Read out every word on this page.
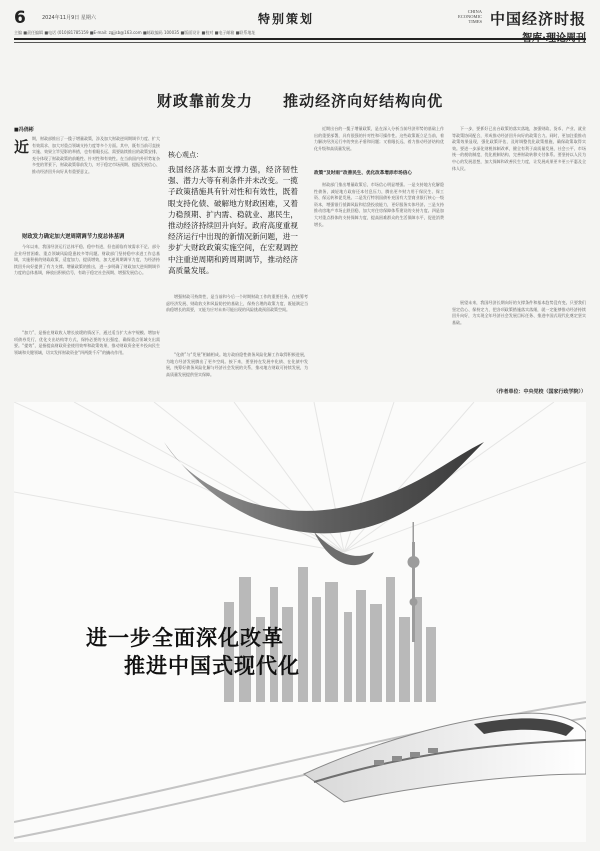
6	2024年11月9日 星期六	特别策划
CHINA
ECONOMIC
TIMES 中国经济时报
主编 ■责任编辑 ■电话 (010)81785159 ■E-mail: zgjjsb@163.com ■邮政编码 100035 ■版面设计 ■校对 ■电子邮箱 ■联系地址
财政靠前发力 推动经济向好结构向优
■冯俏彬
近 期，财政部推出了一揽子增量政策，涉及加大财政逆周期调节力度、扩大有效需求、加大对重点领域支持力度等多个方面。其中，既有当前可直接实施、效果立竿见影的举措，也有着眼长远、需要陆续推出的政策安排，充分体现了财政政策的前瞻性、针对性和有效性。在当前国内外形势复杂多变的背景下，财政政策靠前发力，对于稳定市场预期、提振发展信心、推动经济回升向好具有重要意义。

财政发力确定加大逆周期调节力度总体基调

今年以来，我国经济运行总体平稳、稳中有进，但也面临有效需求不足、部分企业经营困难、重点领域风险隐患较多等问题。财政部门坚持稳中求进工作总基调，实施积极的财政政策，适度加力、提质增效，加大逆周期调节力度，为经济持续回升向好提供了有力支撑。增量政策的推出，进一步明确了财政加大逆周期调节力度的总体基调，释放出积极信号，有助于稳定社会预期、增强发展信心。

“加力”，是指在财政收入增长放缓的情况下，通过适当扩大赤字规模、增加专项债券发行、优化支出结构等方式，保持必要的支出强度，确保重点领域支出需要。“提效”，是指提高财政资金使用效率和政策效果，推动财政资金更多投向民生领域和关键领域，切实发挥财政资金“四两拨千斤”的撬动作用。

核心观点：
我国经济基本面支撑力强，经济韧性强、潜力大等有利条件并未改变。一揽子政策措施具有针对性和有效性，既着眼支持化债、破解地方财政困难，又着力稳预期、扩内需、稳就业、惠民生，推动经济持续回升向好。政府高度重视经济运行中出现的新情况新问题，进一步扩大财政政策实施空间，在宏观调控中注重逆周期和跨周期调节，推动经济高质量发展。

增强财政可持续性，是当前和今后一个时期财政工作的重要任务。在统筹考虑经济发展、财政收支和风险防控的基础上，保持合理的政策力度，既能满足当前稳增长的需要，又能为应对未来可能出现的风险挑战预留政策空间。

“化债”与“发展”相辅相成。地方政府隐性债务风险化解工作取得积极进展，为地方经济发展腾出了更多空间。接下来，要坚持在发展中化债、在化债中发展，统筹好债务风险化解与经济社会发展的关系，推动地方财政可持续发展，为高质量发展提供坚实保障。

近期出台的一揽子增量政策，是在深入分析当前经济形势的基础上作出的重要部署，具有很强的针对性和可操作性。这些政策既立足当前，着力解决经济运行中的突出矛盾和问题；又着眼长远，着力推动经济结构优化升级和高质量发展。

政策“及时雨”改善民生、优化改革增添市场信心

财政部门推出增量政策后，市场信心明显增强。一是支持地方化解隐性债务，减轻地方政府还本付息压力，腾出更多财力用于保民生、保工资、保运转和促发展。二是发行特别国债补充国有大型商业银行核心一级资本，增强银行抵御风险和信贷投放能力，更好服务实体经济。三是支持推动房地产市场止跌回稳，加大对住房保障体系建设的支持力度。四是加大对重点群体的支持保障力度，提高困难群众的生活保障水平，促进消费增长。

下一步，要抓好已出台政策的落实落地，加强财政、货币、产业、就业等政策协同配合，形成推动经济回升向好的政策合力。同时，更加注重推动政策效果显现，强化政策评估，及时调整优化政策措施，确保政策取得实效。要进一步深化财税体制改革，健全有利于高质量发展、社会公平、市场统一的税收制度，优化税制结构，完善财政转移支付体系。要坚持以人民为中心的发展思想，加大保障和改善民生力度，让发展成果更多更公平惠及全体人民。

展望未来，我国经济长期向好的支撑条件和基本趋势没有变。只要我们坚定信心、保持定力，把各项政策措施落实落细，就一定能够推动经济持续回升向好，为实现全年经济社会发展目标任务、推进中国式现代化奠定坚实基础。

（作者单位：中央党校（国家行政学院））
进一步全面深化改革
推进中国式现代化
